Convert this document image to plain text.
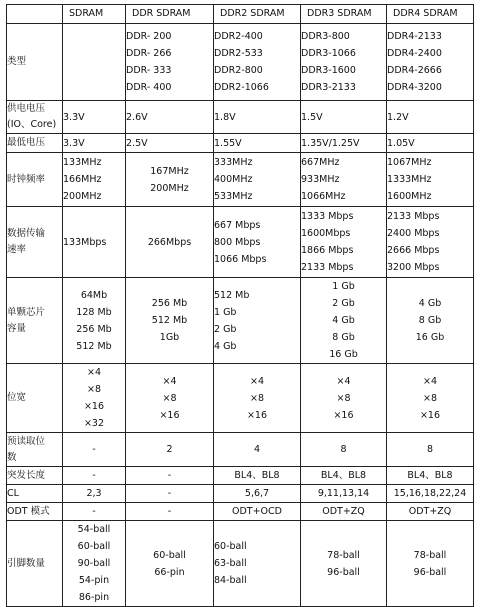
	SDRAM	DDR SDRAM	DDR2 SDRAM	DDR3 SDRAM	DDR4 SDRAM

类型		DDR- 200
DDR- 266
DDR- 333
DDR- 400	DDR2-400
DDR2-533
DDR2-800
DDR2-1066	DDR3-800
DDR3-1066
DDR3-1600
DDR3-2133	DDR4-2133
DDR4-2400
DDR4-2666
DDR4-3200

供电电压
(IO、Core)	3.3V	2.6V	1.8V	1.5V	1.2V

最低电压	3.3V	2.5V	1.55V	1.35V/1.25V	1.05V

时钟频率	133MHz
166MHz
200MHz	167MHz
200MHz	333MHz
400MHz
533MHz	667MHz
933MHz
1066MHz	1067MHz
1333MHz
1600MHz

数据传输
速率	133Mbps	266Mbps	667 Mbps
800 Mbps
1066 Mbps	1333 Mbps
1600Mbps
1866 Mbps
2133 Mbps	2133 Mbps
2400 Mbps
2666 Mbps
3200 Mbps

单颗芯片
容量	64Mb
128 Mb
256 Mb
512 Mb	256 Mb
512 Mb
1Gb	512 Mb
1 Gb
2 Gb
4 Gb	1 Gb
2 Gb
4 Gb
8 Gb
16 Gb	4 Gb
8 Gb
16 Gb

位宽	×4
×8
×16
×32	×4
×8
×16	×4
×8
×16	×4
×8
×16	×4
×8
×16

预读取位
数	-	2	4	8	8

突发长度	-	-	BL4、BL8	BL4、BL8	BL4、BL8

CL	2,3	-	5,6,7	9,11,13,14	15,16,18,22,24

ODT 模式	-	-	ODT+OCD	ODT+ZQ	ODT+ZQ

引脚数量	54-ball
60-ball
90-ball
54-pin
86-pin	60-ball
66-pin	60-ball
63-ball
84-ball	78-ball
96-ball	78-ball
96-ball
